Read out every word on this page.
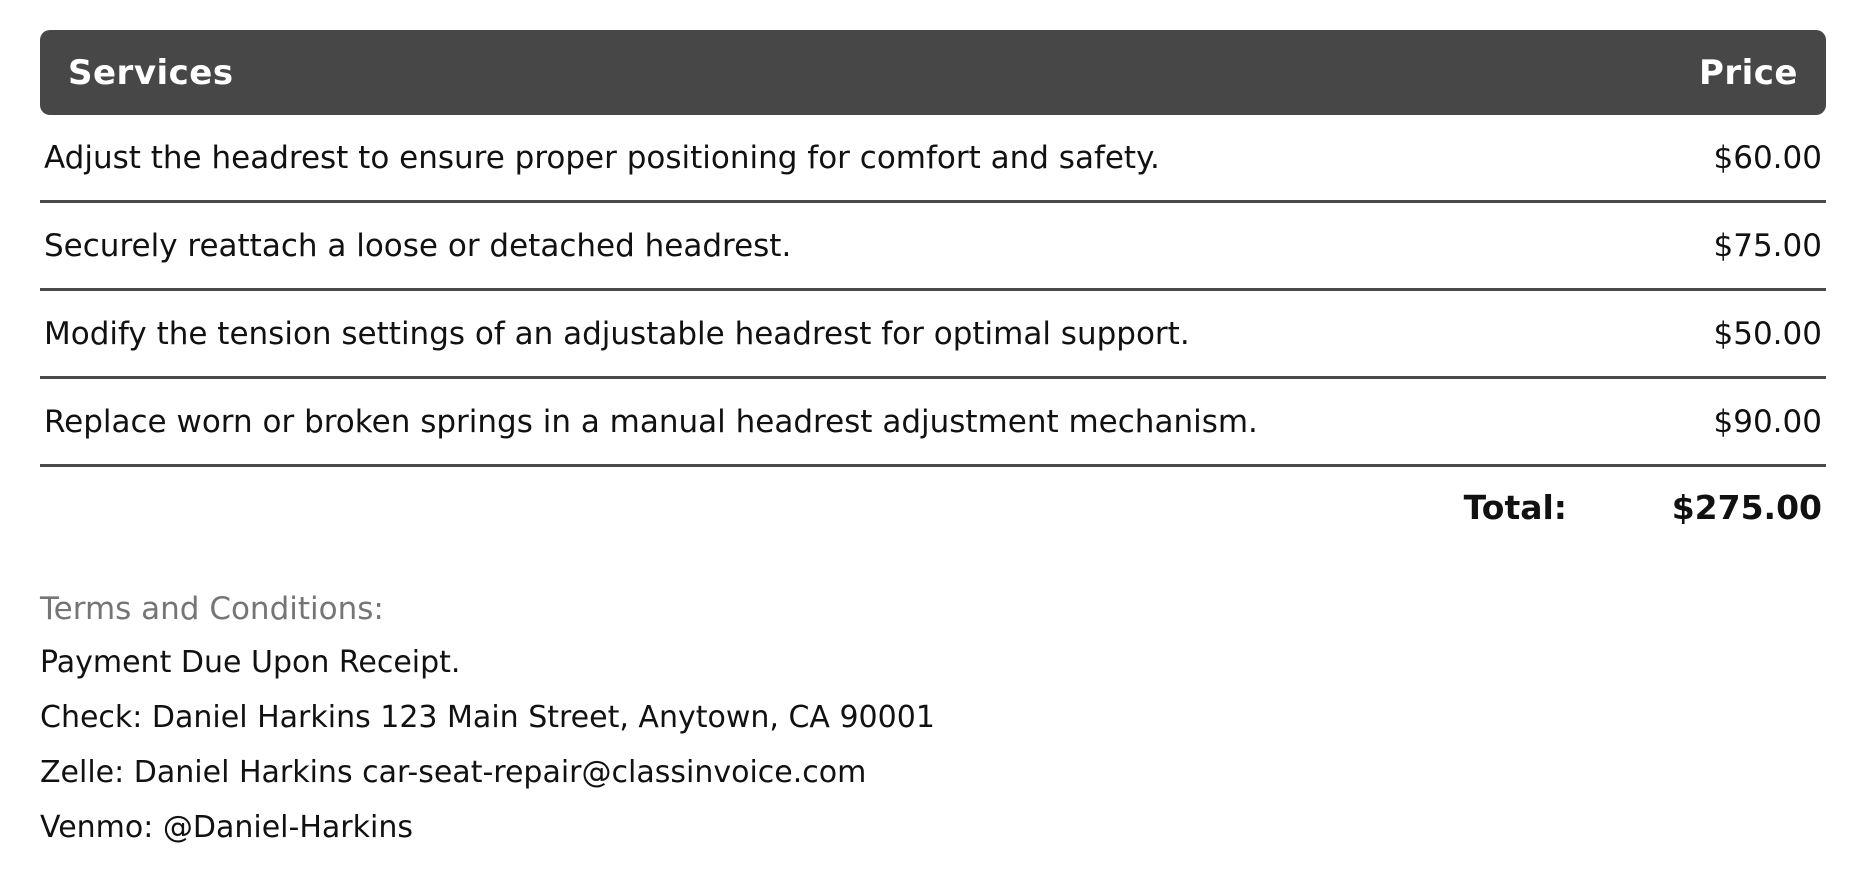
Services	Price
Adjust the headrest to ensure proper positioning for comfort and safety.	$60.00
Securely reattach a loose or detached headrest.	$75.00
Modify the tension settings of an adjustable headrest for optimal support.	$50.00
Replace worn or broken springs in a manual headrest adjustment mechanism.	$90.00
Total:	$275.00
Terms and Conditions:
Payment Due Upon Receipt.
Check: Daniel Harkins 123 Main Street, Anytown, CA 90001
Zelle: Daniel Harkins car-seat-repair@classinvoice.com
Venmo: @Daniel-Harkins
